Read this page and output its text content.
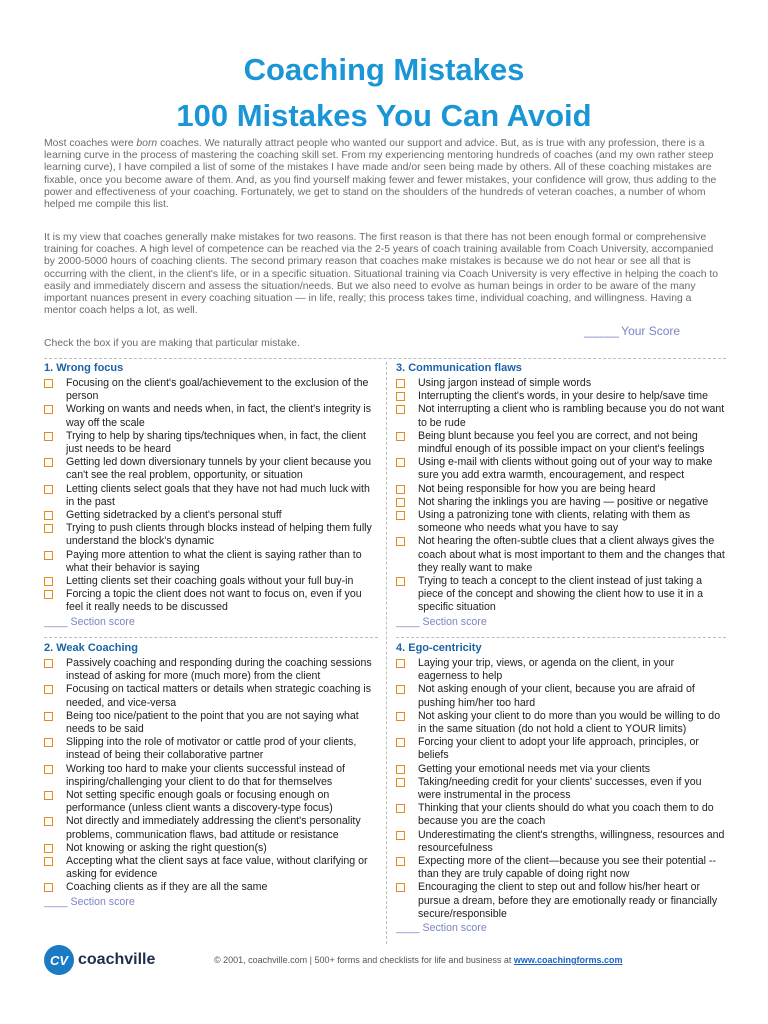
Coaching Mistakes
100 Mistakes You Can Avoid

Most coaches were born coaches. We naturally attract people who wanted our support and advice. But, as is true with any profession, there is a learning curve in the process of mastering the coaching skill set. From my experiencing mentoring hundreds of coaches (and my own rather steep learning curve), I have compiled a list of some of the mistakes I have made and/or seen being made by others. All of these coaching mistakes are fixable, once you become aware of them. And, as you find yourself making fewer and fewer mistakes, your confidence will grow, thus adding to the power and effectiveness of your coaching. Fortunately, we get to stand on the shoulders of the hundreds of veteran coaches, a number of whom helped me compile this list.

It is my view that coaches generally make mistakes for two reasons. The first reason is that there has not been enough formal or comprehensive training for coaches. A high level of competence can be reached via the 2-5 years of coach training available from Coach University, accompanied by 2000-5000 hours of coaching clients. The second primary reason that coaches make mistakes is because we do not hear or see all that is occurring with the client, in the client's life, or in a specific situation. Situational training via Coach University is very effective in helping the coach to easily and immediately discern and assess the situation/needs. But we also need to evolve as human beings in order to be aware of the many important nuances present in every coaching situation — in life, really; this process takes time, individual coaching, and willingness. Having a mentor coach helps a lot, as well.

______ Your Score
Check the box if you are making that particular mistake.
1. Wrong focus
Focusing on the client's goal/achievement to the exclusion of the person
Working on wants and needs when, in fact, the client's integrity is way off the scale
Trying to help by sharing tips/techniques when, in fact, the client just needs to be heard
Getting led down diversionary tunnels by your client because you can't see the real problem, opportunity, or situation
Letting clients select goals that they have not had much luck with in the past
Getting sidetracked by a client's personal stuff
Trying to push clients through blocks instead of helping them fully understand the block's dynamic
Paying more attention to what the client is saying rather than to what their behavior is saying
Letting clients set their coaching goals without your full buy-in
Forcing a topic the client does not want to focus on, even if you feel it really needs to be discussed
____ Section score
2. Weak Coaching
Passively coaching and responding during the coaching sessions instead of asking for more (much more) from the client
Focusing on tactical matters or details when strategic coaching is needed, and vice-versa
Being too nice/patient to the point that you are not saying what needs to be said
Slipping into the role of motivator or cattle prod of your clients, instead of being their collaborative partner
Working too hard to make your clients successful instead of inspiring/challenging your client to do that for themselves
Not setting specific enough goals or focusing enough on performance (unless client wants a discovery-type focus)
Not directly and immediately addressing the client's personality problems, communication flaws, bad attitude or resistance
Not knowing or asking the right question(s)
Accepting what the client says at face value, without clarifying or asking for evidence
Coaching clients as if they are all the same
____ Section score
3. Communication flaws
Using jargon instead of simple words
Interrupting the client's words, in your desire to help/save time
Not interrupting a client who is rambling because you do not want to be rude
Being blunt because you feel you are correct, and not being mindful enough of its possible impact on your client's feelings
Using e-mail with clients without going out of your way to make sure you add extra warmth, encouragement, and respect
Not being responsible for how you are being heard
Not sharing the inklings you are having — positive or negative
Using a patronizing tone with clients, relating with them as someone who needs what you have to say
Not hearing the often-subtle clues that a client always gives the coach about what is most important to them and the changes that they really want to make
Trying to teach a concept to the client instead of just taking a piece of the concept and showing the client how to use it in a specific situation
____ Section score
4. Ego-centricity
Laying your trip, views, or agenda on the client, in your eagerness to help
Not asking enough of your client, because you are afraid of pushing him/her too hard
Not asking your client to do more than you would be willing to do in the same situation (do not hold a client to YOUR limits)
Forcing your client to adopt your life approach, principles, or beliefs
Getting your emotional needs met via your clients
Taking/needing credit for your clients' successes, even if you were instrumental in the process
Thinking that your clients should do what you coach them to do because you are the coach
Underestimating the client's strengths, willingness, resources and resourcefulness
Expecting more of the client—because you see their potential -- than they are truly capable of doing right now
Encouraging the client to step out and follow his/her heart or pursue a dream, before they are emotionally ready or financially secure/responsible
____ Section score
CV coachville	© 2001, coachville.com | 500+ forms and checklists for life and business at www.coachingforms.com
